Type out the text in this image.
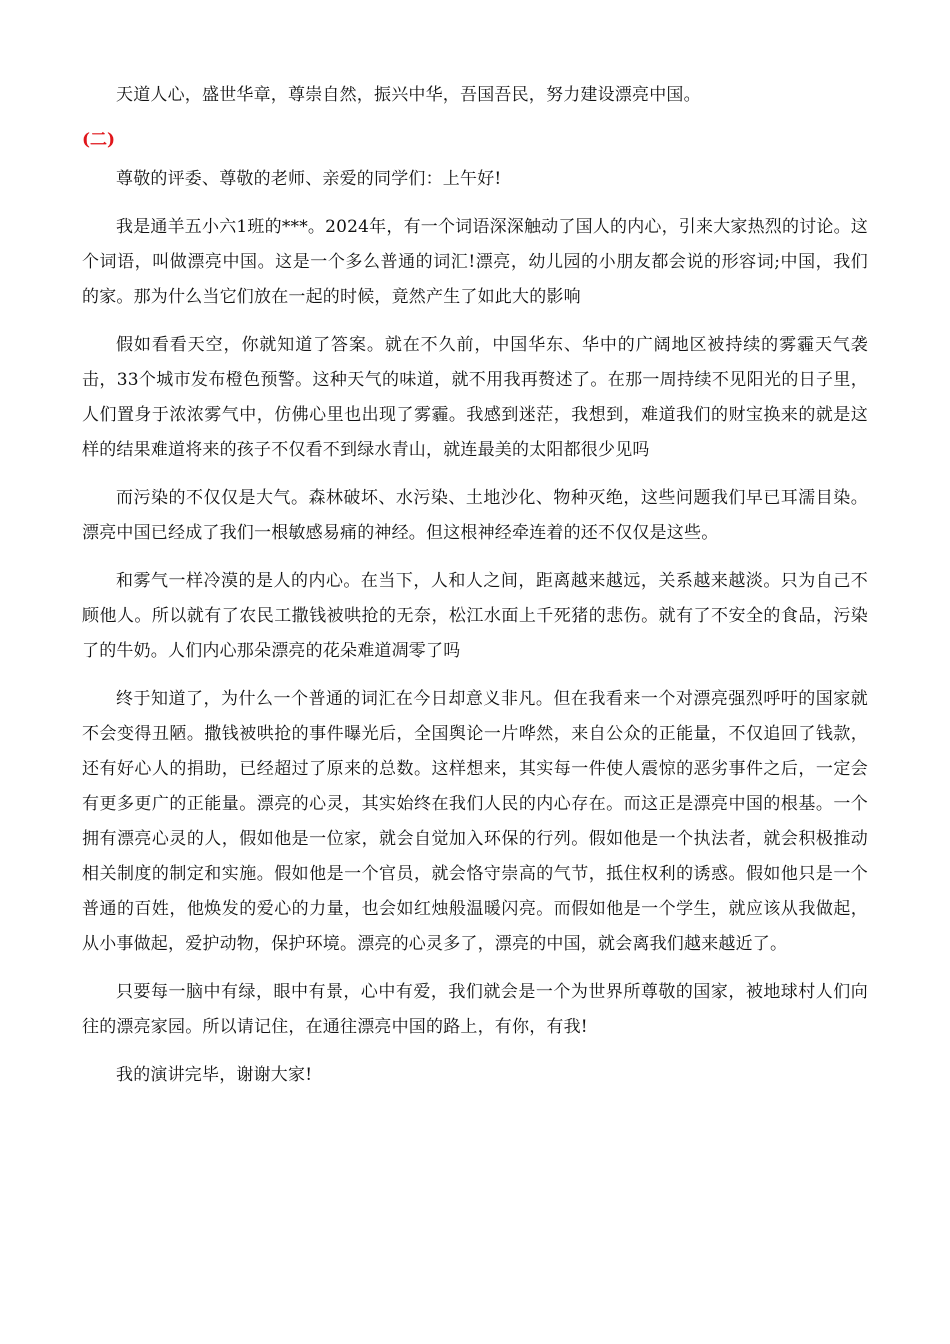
天道人心，盛世华章，尊崇自然，振兴中华，吾国吾民，努力建设漂亮中国。

(二)

尊敬的评委、尊敬的老师、亲爱的同学们：上午好!

我是通羊五小六1班的***。2024年，有一个词语深深触动了国人的内心，引来大家热烈的讨论。这个词语，叫做漂亮中国。这是一个多么普通的词汇!漂亮，幼儿园的小朋友都会说的形容词;中国，我们的家。那为什么当它们放在一起的时候，竟然产生了如此大的影响

假如看看天空，你就知道了答案。就在不久前，中国华东、华中的广阔地区被持续的雾霾天气袭击，33个城市发布橙色预警。这种天气的味道，就不用我再赘述了。在那一周持续不见阳光的日子里，人们置身于浓浓雾气中，仿佛心里也出现了雾霾。我感到迷茫，我想到，难道我们的财宝换来的就是这样的结果难道将来的孩子不仅看不到绿水青山，就连最美的太阳都很少见吗

而污染的不仅仅是大气。森林破坏、水污染、土地沙化、物种灭绝，这些问题我们早已耳濡目染。漂亮中国已经成了我们一根敏感易痛的神经。但这根神经牵连着的还不仅仅是这些。

和雾气一样冷漠的是人的内心。在当下，人和人之间，距离越来越远，关系越来越淡。只为自己不顾他人。所以就有了农民工撒钱被哄抢的无奈，松江水面上千死猪的悲伤。就有了不安全的食品，污染了的牛奶。人们内心那朵漂亮的花朵难道凋零了吗

终于知道了，为什么一个普通的词汇在今日却意义非凡。但在我看来一个对漂亮强烈呼吁的国家就不会变得丑陋。撒钱被哄抢的事件曝光后，全国舆论一片哗然，来自公众的正能量，不仅追回了钱款，还有好心人的捐助，已经超过了原来的总数。这样想来，其实每一件使人震惊的恶劣事件之后，一定会有更多更广的正能量。漂亮的心灵，其实始终在我们人民的内心存在。而这正是漂亮中国的根基。一个拥有漂亮心灵的人，假如他是一位家，就会自觉加入环保的行列。假如他是一个执法者，就会积极推动相关制度的制定和实施。假如他是一个官员，就会恪守崇高的气节，抵住权利的诱惑。假如他只是一个普通的百姓，他焕发的爱心的力量，也会如红烛般温暖闪亮。而假如他是一个学生，就应该从我做起，从小事做起，爱护动物，保护环境。漂亮的心灵多了，漂亮的中国，就会离我们越来越近了。

只要每一脑中有绿，眼中有景，心中有爱，我们就会是一个为世界所尊敬的国家，被地球村人们向往的漂亮家园。所以请记住，在通往漂亮中国的路上，有你，有我!

我的演讲完毕，谢谢大家!
